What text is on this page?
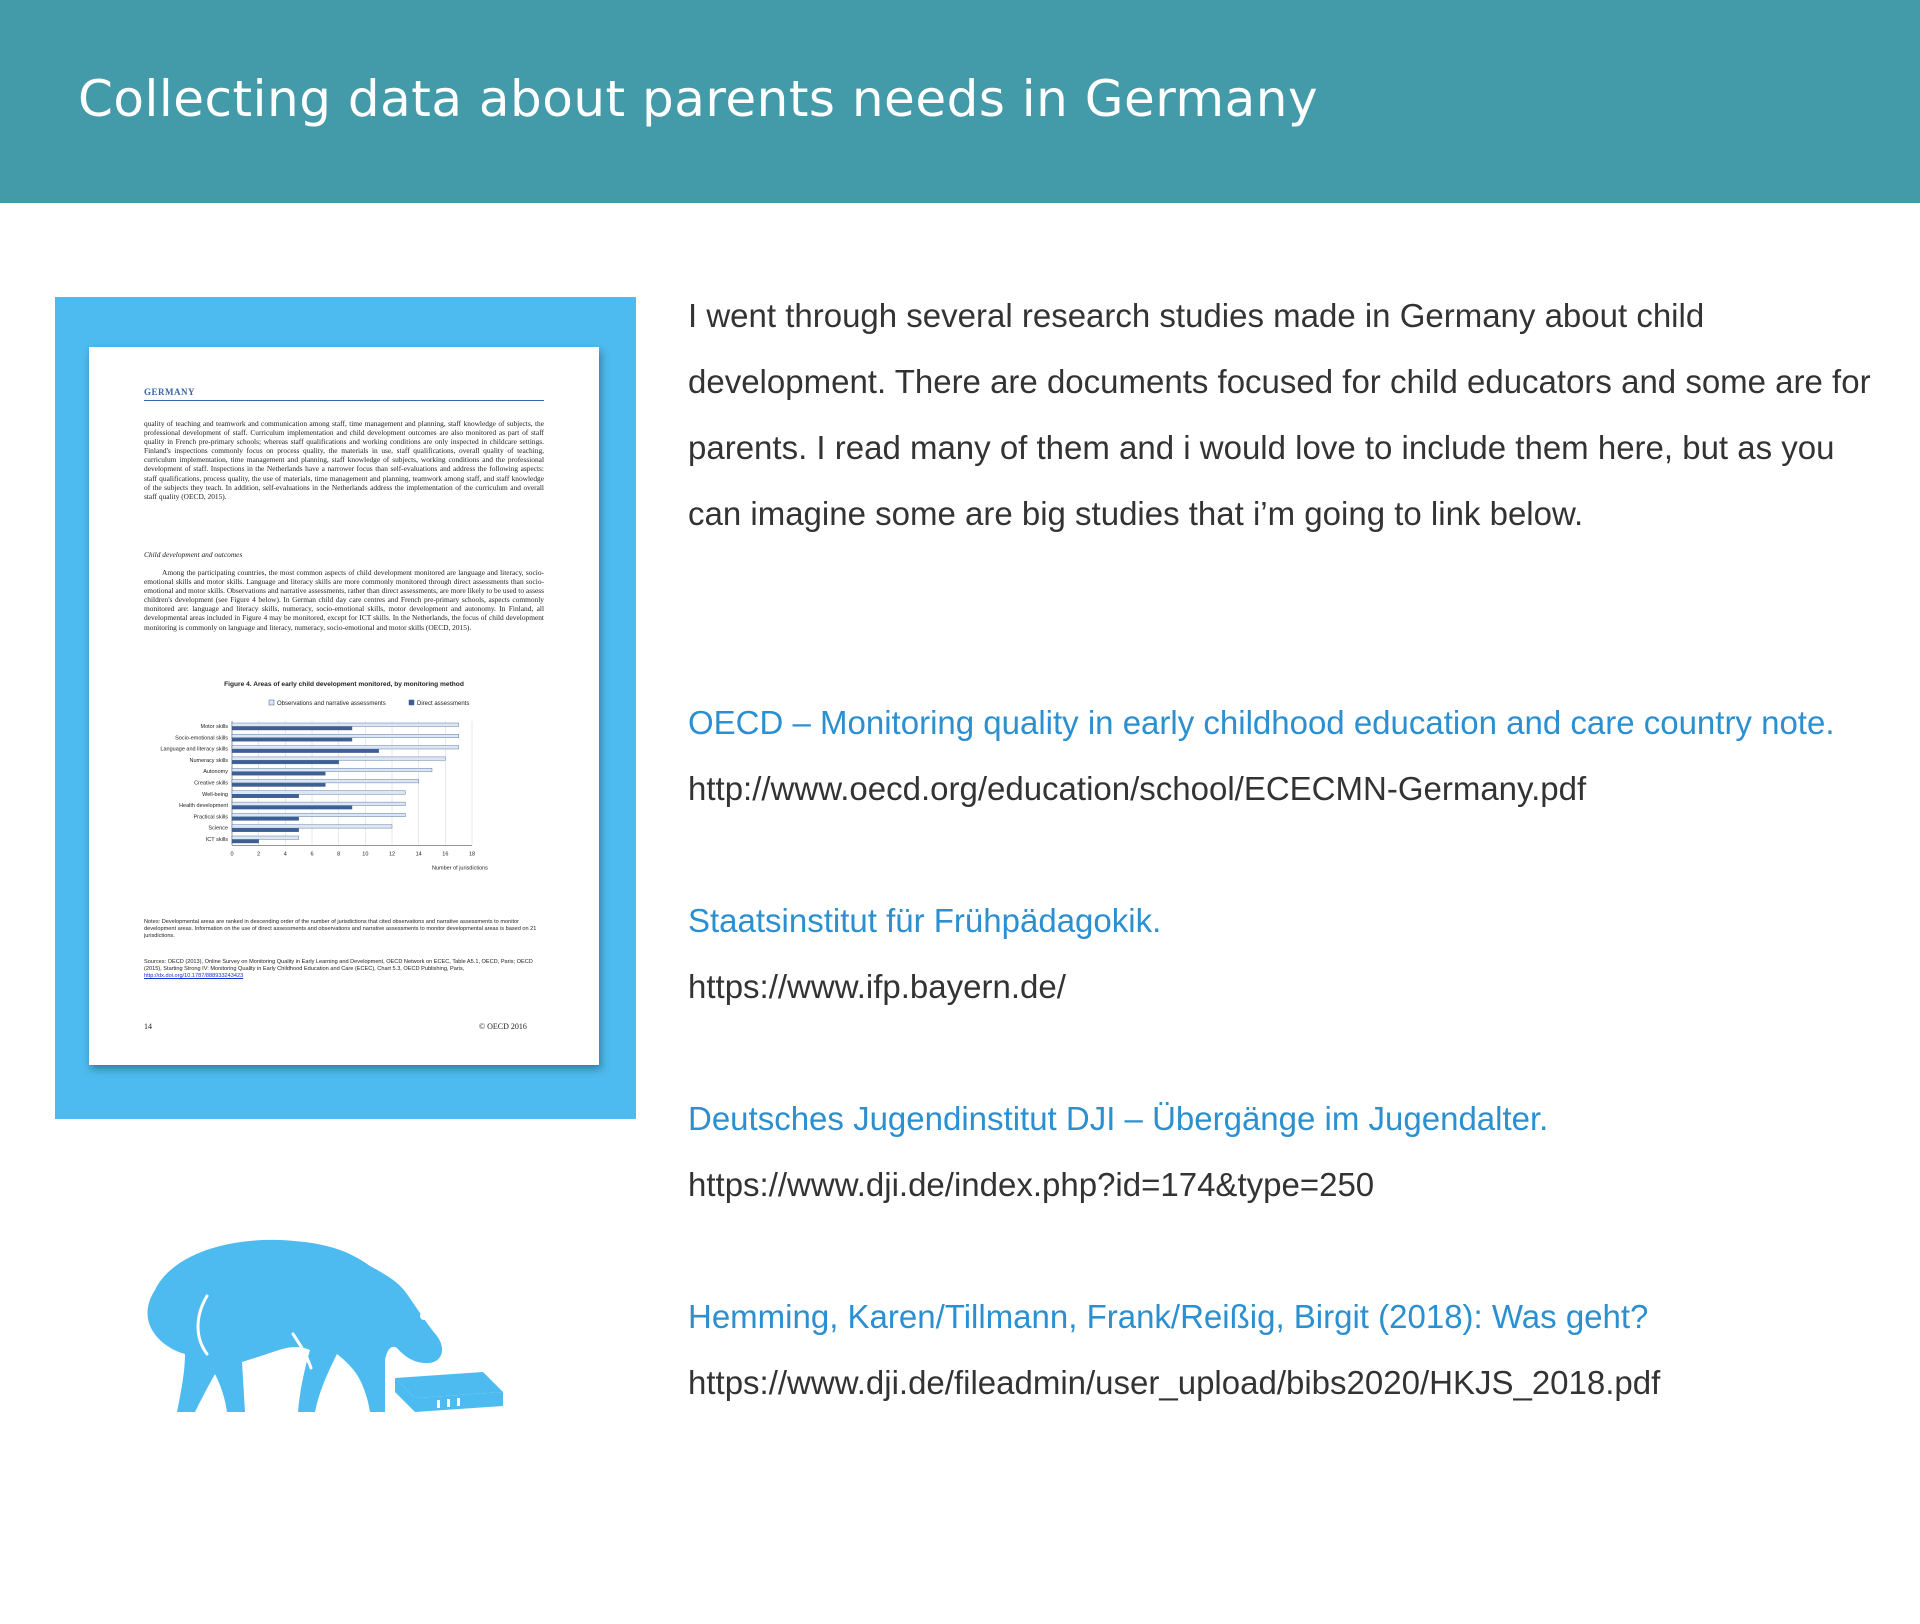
Collecting data about parents needs in Germany
GERMANY

quality of teaching and teamwork and communication among staff, time management and planning, staff knowledge of subjects, the professional development of staff. Curriculum implementation and child development outcomes are also monitored as part of staff quality in French pre-primary schools; whereas staff qualifications and working conditions are only inspected in childcare settings. Finland's inspections commonly focus on process quality, the materials in use, staff qualifications, overall quality of teaching, curriculum implementation, time management and planning, staff knowledge of subjects, working conditions and the professional development of staff. Inspections in the Netherlands have a narrower focus than self-evaluations and address the following aspects: staff qualifications, process quality, the use of materials, time management and planning, teamwork among staff, and staff knowledge of the subjects they teach. In addition, self-evaluations in the Netherlands address the implementation of the curriculum and overall staff quality (OECD, 2015).

Child development and outcomes

Among the participating countries, the most common aspects of child development monitored are language and literacy, socio-emotional skills and motor skills. Language and literacy skills are more commonly monitored through direct assessments than socio-emotional and motor skills. Observations and narrative assessments, rather than direct assessments, are more likely to be used to assess children's development (see Figure 4 below). In German child day care centres and French pre-primary schools, aspects commonly monitored are: language and literacy skills, numeracy, socio-emotional skills, motor development and autonomy. In Finland, all developmental areas included in Figure 4 may be monitored, except for ICT skills. In the Netherlands, the focus of child development monitoring is commonly on language and literacy, numeracy, socio-emotional and motor skills (OECD, 2015).

Figure 4. Areas of early child development monitored, by monitoring method
Observations and narrative assessments	Direct assessments
0	2	4	6	8	10	12	14	16	18
Motor skills
Socio-emotional skills
Language and literacy skills
Numeracy skills
Autonomy
Creative skills
Well-being
Health development
Practical skills
Science
ICT skills
Number of jurisdictions

Notes: Developmental areas are ranked in descending order of the number of jurisdictions that cited observations and narrative assessments to monitor development areas. Information on the use of direct assessments and observations and narrative assessments to monitor developmental areas is based on 21 jurisdictions.

Sources: OECD (2013), Online Survey on Monitoring Quality in Early Learning and Development, OECD Network on ECEC, Table A5.1, OECD, Paris; OECD (2015), Starting Strong IV: Monitoring Quality in Early Childhood Education and Care (ECEC), Chart 5.3, OECD Publishing, Paris, http://dx.doi.org/10.1787/888933243423

14	© OECD 2016

I went through several research studies made in Germany about child development. There are documents focused for child educators and some are for parents. I read many of them and i would love to include them here, but as you can imagine some are big studies that i’m going to link below.

OECD – Monitoring quality in early childhood education and care country note.

http://www.oecd.org/education/school/ECECMN-Germany.pdf

Staatsinstitut für Frühpädagokik.

https://www.ifp.bayern.de/

Deutsches Jugendinstitut DJI – Übergänge im Jugendalter.

https://www.dji.de/index.php?id=174&type=250

Hemming, Karen/Tillmann, Frank/Reißig, Birgit (2018): Was geht?

https://www.dji.de/fileadmin/user_upload/bibs2020/HKJS_2018.pdf
